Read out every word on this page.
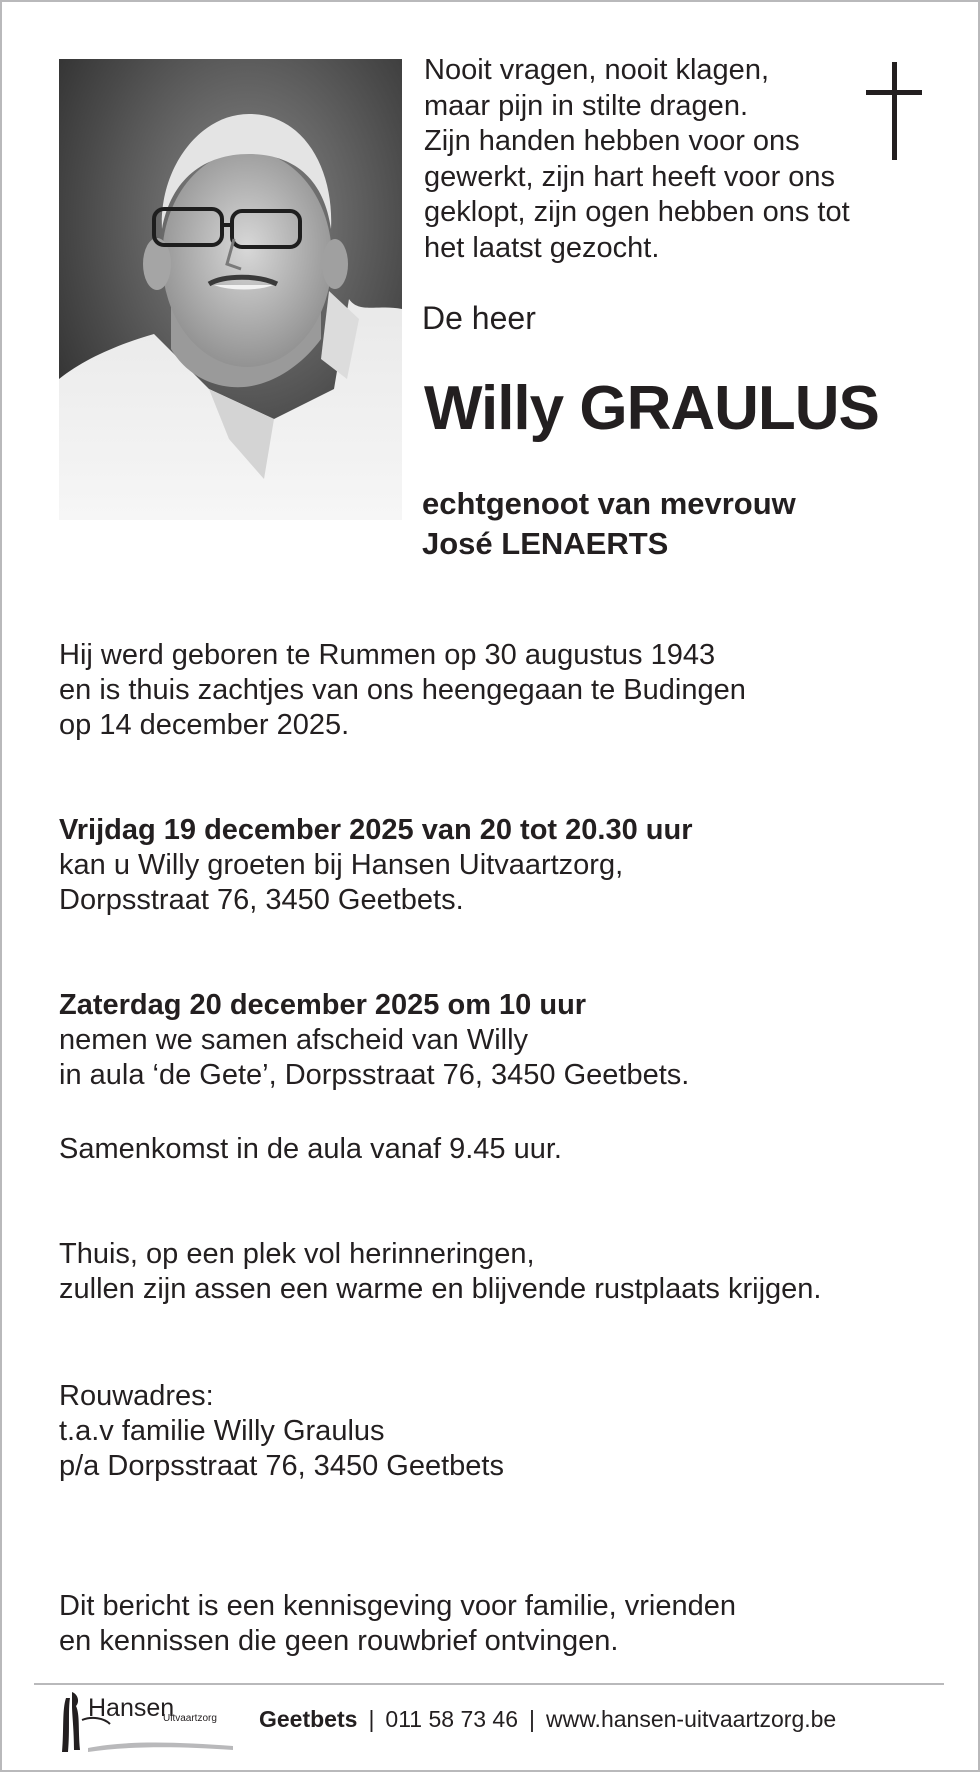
Nooit vragen, nooit klagen,
maar pijn in stilte dragen.
Zijn handen hebben voor ons
gewerkt, zijn hart heeft voor ons
geklopt, zijn ogen hebben ons tot
het laatst gezocht.
De heer
Willy GRAULUS
echtgenoot van mevrouw
José LENAERTS
Hij werd geboren te Rummen op 30 augustus 1943
en is thuis zachtjes van ons heengegaan te Budingen
op 14 december 2025.
Vrijdag 19 december 2025 van 20 tot 20.30 uur
kan u Willy groeten bij Hansen Uitvaartzorg,
Dorpsstraat 76, 3450 Geetbets.
Zaterdag 20 december 2025 om 10 uur
nemen we samen afscheid van Willy
in aula ‘de Gete’, Dorpsstraat 76, 3450 Geetbets.
Samenkomst in de aula vanaf 9.45 uur.
Thuis, op een plek vol herinneringen,
zullen zijn assen een warme en blijvende rustplaats krijgen.
Rouwadres:
t.a.v familie Willy Graulus
p/a Dorpsstraat 76, 3450 Geetbets
Dit bericht is een kennisgeving voor familie, vrienden
en kennissen die geen rouwbrief ontvingen.
Hansen
Uitvaartzorg Geetbets | 011 58 73 46 | www.hansen-uitvaartzorg.be
